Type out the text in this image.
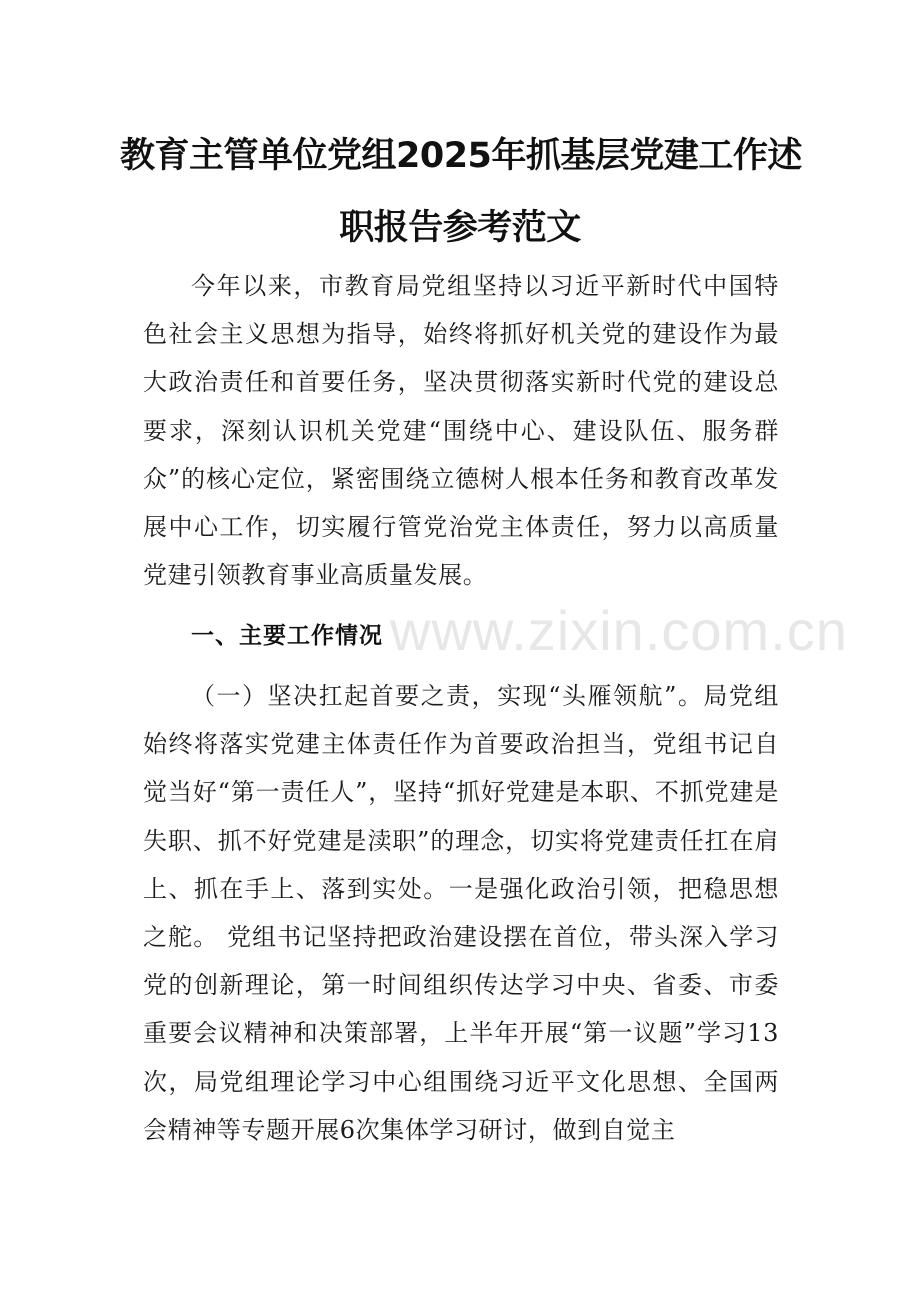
教育主管单位党组2025年抓基层党建工作述
职报告参考范文

今年以来，市教育局党组坚持以习近平新时代中国特色社会主义思想为指导，始终将抓好机关党的建设作为最大政治责任和首要任务，坚决贯彻落实新时代党的建设总要求，深刻认识机关党建“围绕中心、建设队伍、服务群众”的核心定位，紧密围绕立德树人根本任务和教育改革发展中心工作，切实履行管党治党主体责任，努力以高质量党建引领教育事业高质量发展。

一、主要工作情况

（一）坚决扛起首要之责，实现“头雁领航”。局党组始终将落实党建主体责任作为首要政治担当，党组书记自觉当好“第一责任人”，坚持“抓好党建是本职、不抓党建是失职、抓不好党建是渎职”的理念，切实将党建责任扛在肩上、抓在手上、落到实处。一是强化政治引领，把稳思想之舵。 党组书记坚持把政治建设摆在首位，带头深入学习党的创新理论，第一时间组织传达学习中央、省委、市委重要会议精神和决策部署，上半年开展“第一议题”学习13次，局党组理论学习中心组围绕习近平文化思想、全国两会精神等专题开展6次集体学习研讨，做到自觉主

www.zixin.com.cn
